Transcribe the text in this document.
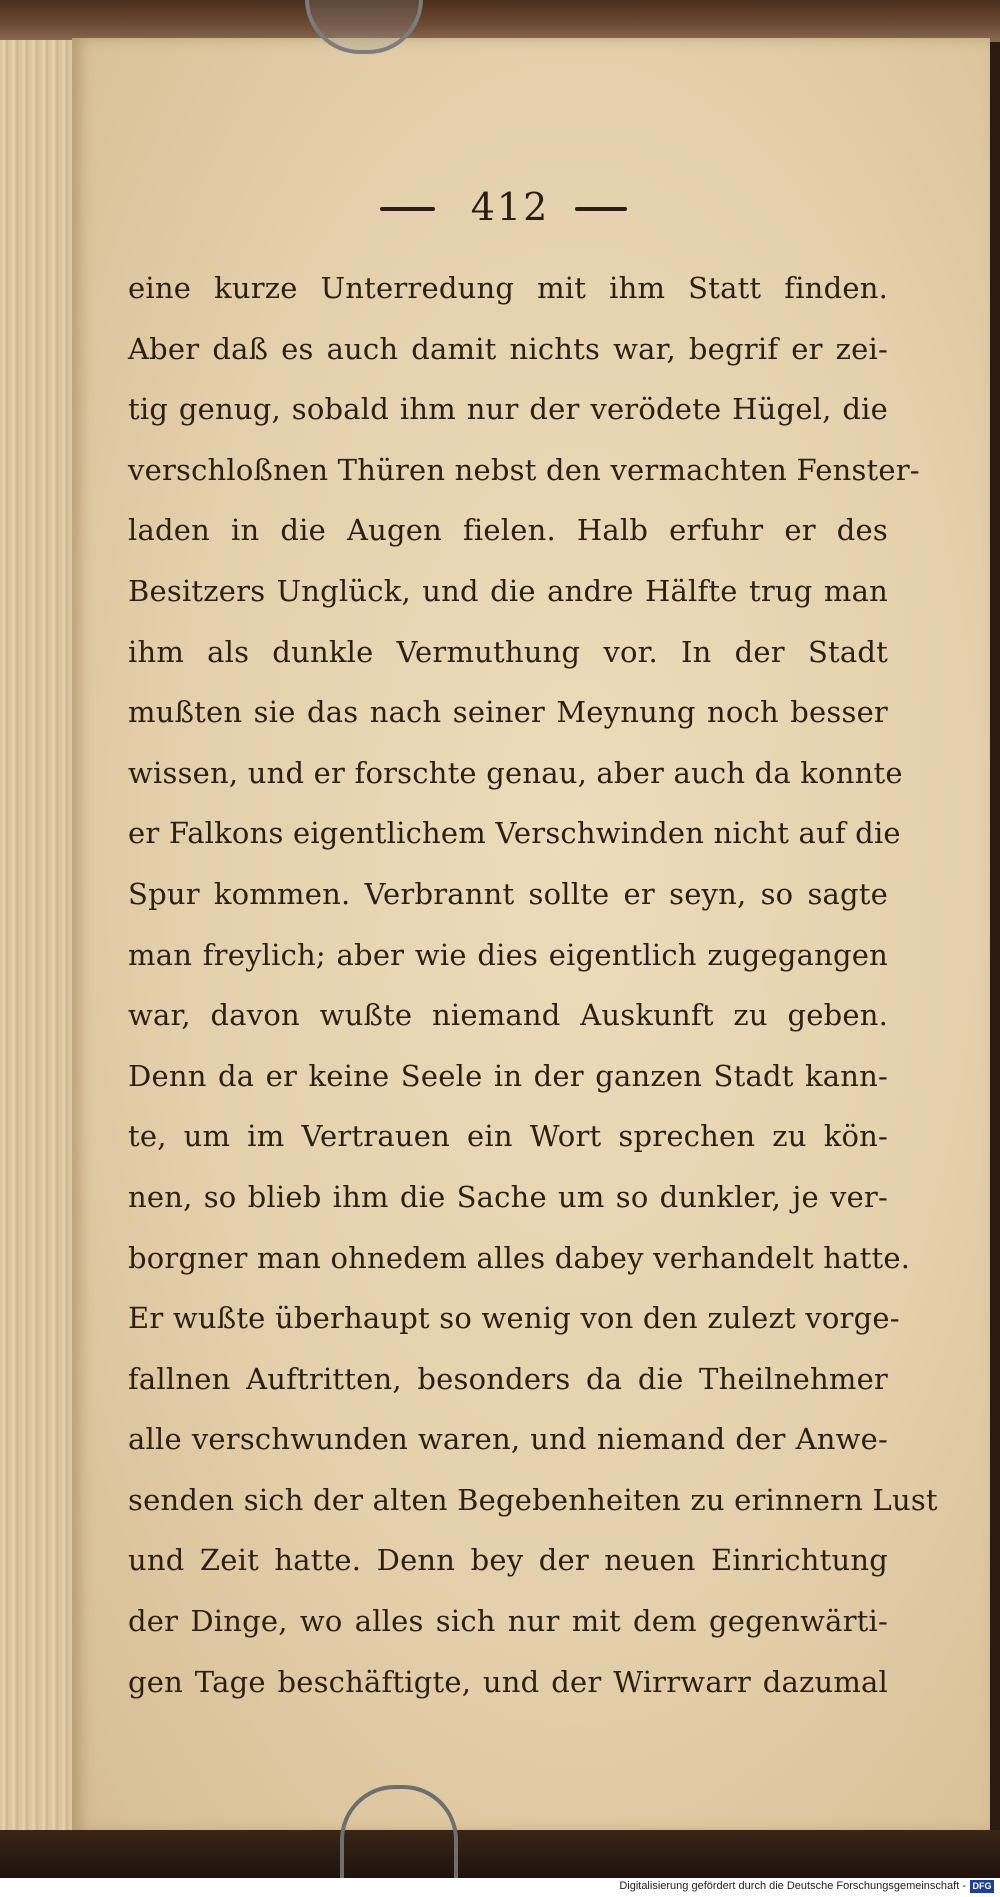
412
eine kurze Unterredung mit ihm Statt finden.
Aber daß es auch damit nichts war, begrif er zei-
tig genug, sobald ihm nur der verödete Hügel, die
verschloßnen Thüren nebst den vermachten Fenster-
laden in die Augen fielen. Halb erfuhr er des
Besitzers Unglück, und die andre Hälfte trug man
ihm als dunkle Vermuthung vor. In der Stadt
mußten sie das nach seiner Meynung noch besser
wissen, und er forschte genau, aber auch da konnte
er Falkons eigentlichem Verschwinden nicht auf die
Spur kommen. Verbrannt sollte er seyn, so sagte
man freylich; aber wie dies eigentlich zugegangen
war, davon wußte niemand Auskunft zu geben.
Denn da er keine Seele in der ganzen Stadt kann-
te, um im Vertrauen ein Wort sprechen zu kön-
nen, so blieb ihm die Sache um so dunkler, je ver-
borgner man ohnedem alles dabey verhandelt hatte.
Er wußte überhaupt so wenig von den zulezt vorge-
fallnen Auftritten, besonders da die Theilnehmer
alle verschwunden waren, und niemand der Anwe-
senden sich der alten Begebenheiten zu erinnern Lust
und Zeit hatte. Denn bey der neuen Einrichtung
der Dinge, wo alles sich nur mit dem gegenwärti-
gen Tage beschäftigte, und der Wirrwarr dazumal
Digitalisierung gefördert durch die Deutsche Forschungsgemeinschaft - DFG
